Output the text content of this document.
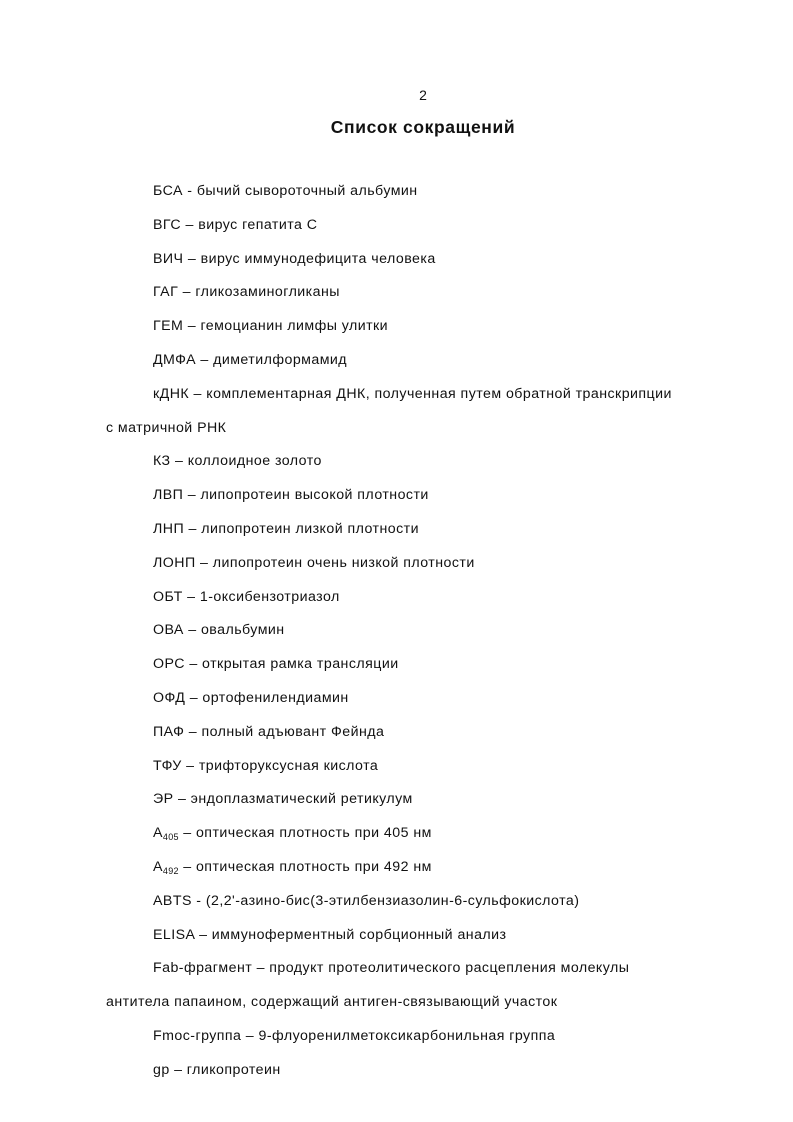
2
Список сокращений
БСА - бычий сывороточный альбумин
ВГС – вирус гепатита С
ВИЧ – вирус иммунодефицита человека
ГАГ – гликозаминогликаны
ГЕМ – гемоцианин лимфы улитки
ДМФА – диметилформамид
кДНК – комплементарная ДНК, полученная путем обратной транскрипции
с матричной РНК
КЗ – коллоидное золото
ЛВП – липопротеин высокой плотности
ЛНП – липопротеин лизкой плотности
ЛОНП – липопротеин очень низкой плотности
ОБТ – 1-оксибензотриазол
ОВА – овальбумин
ОРС – открытая рамка трансляции
ОФД – ортофенилендиамин
ПАФ – полный адъювант Фейнда
ТФУ – трифторуксусная кислота
ЭР – эндоплазматический ретикулум
$A_{405}$ – оптическая плотность при 405 нм
$A_{492}$ – оптическая плотность при 492 нм
ABTS - (2,2'-азино-бис(3-этилбензиазолин-6-сульфокислота)
ELISA – иммуноферментный сорбционный анализ
Fab-фрагмент – продукт протеолитического расцепления молекулы
антитела папаином, содержащий антиген-связывающий участок
Fmoc-группа – 9-флуоренилметоксикарбонильная группа
gp – гликопротеин
